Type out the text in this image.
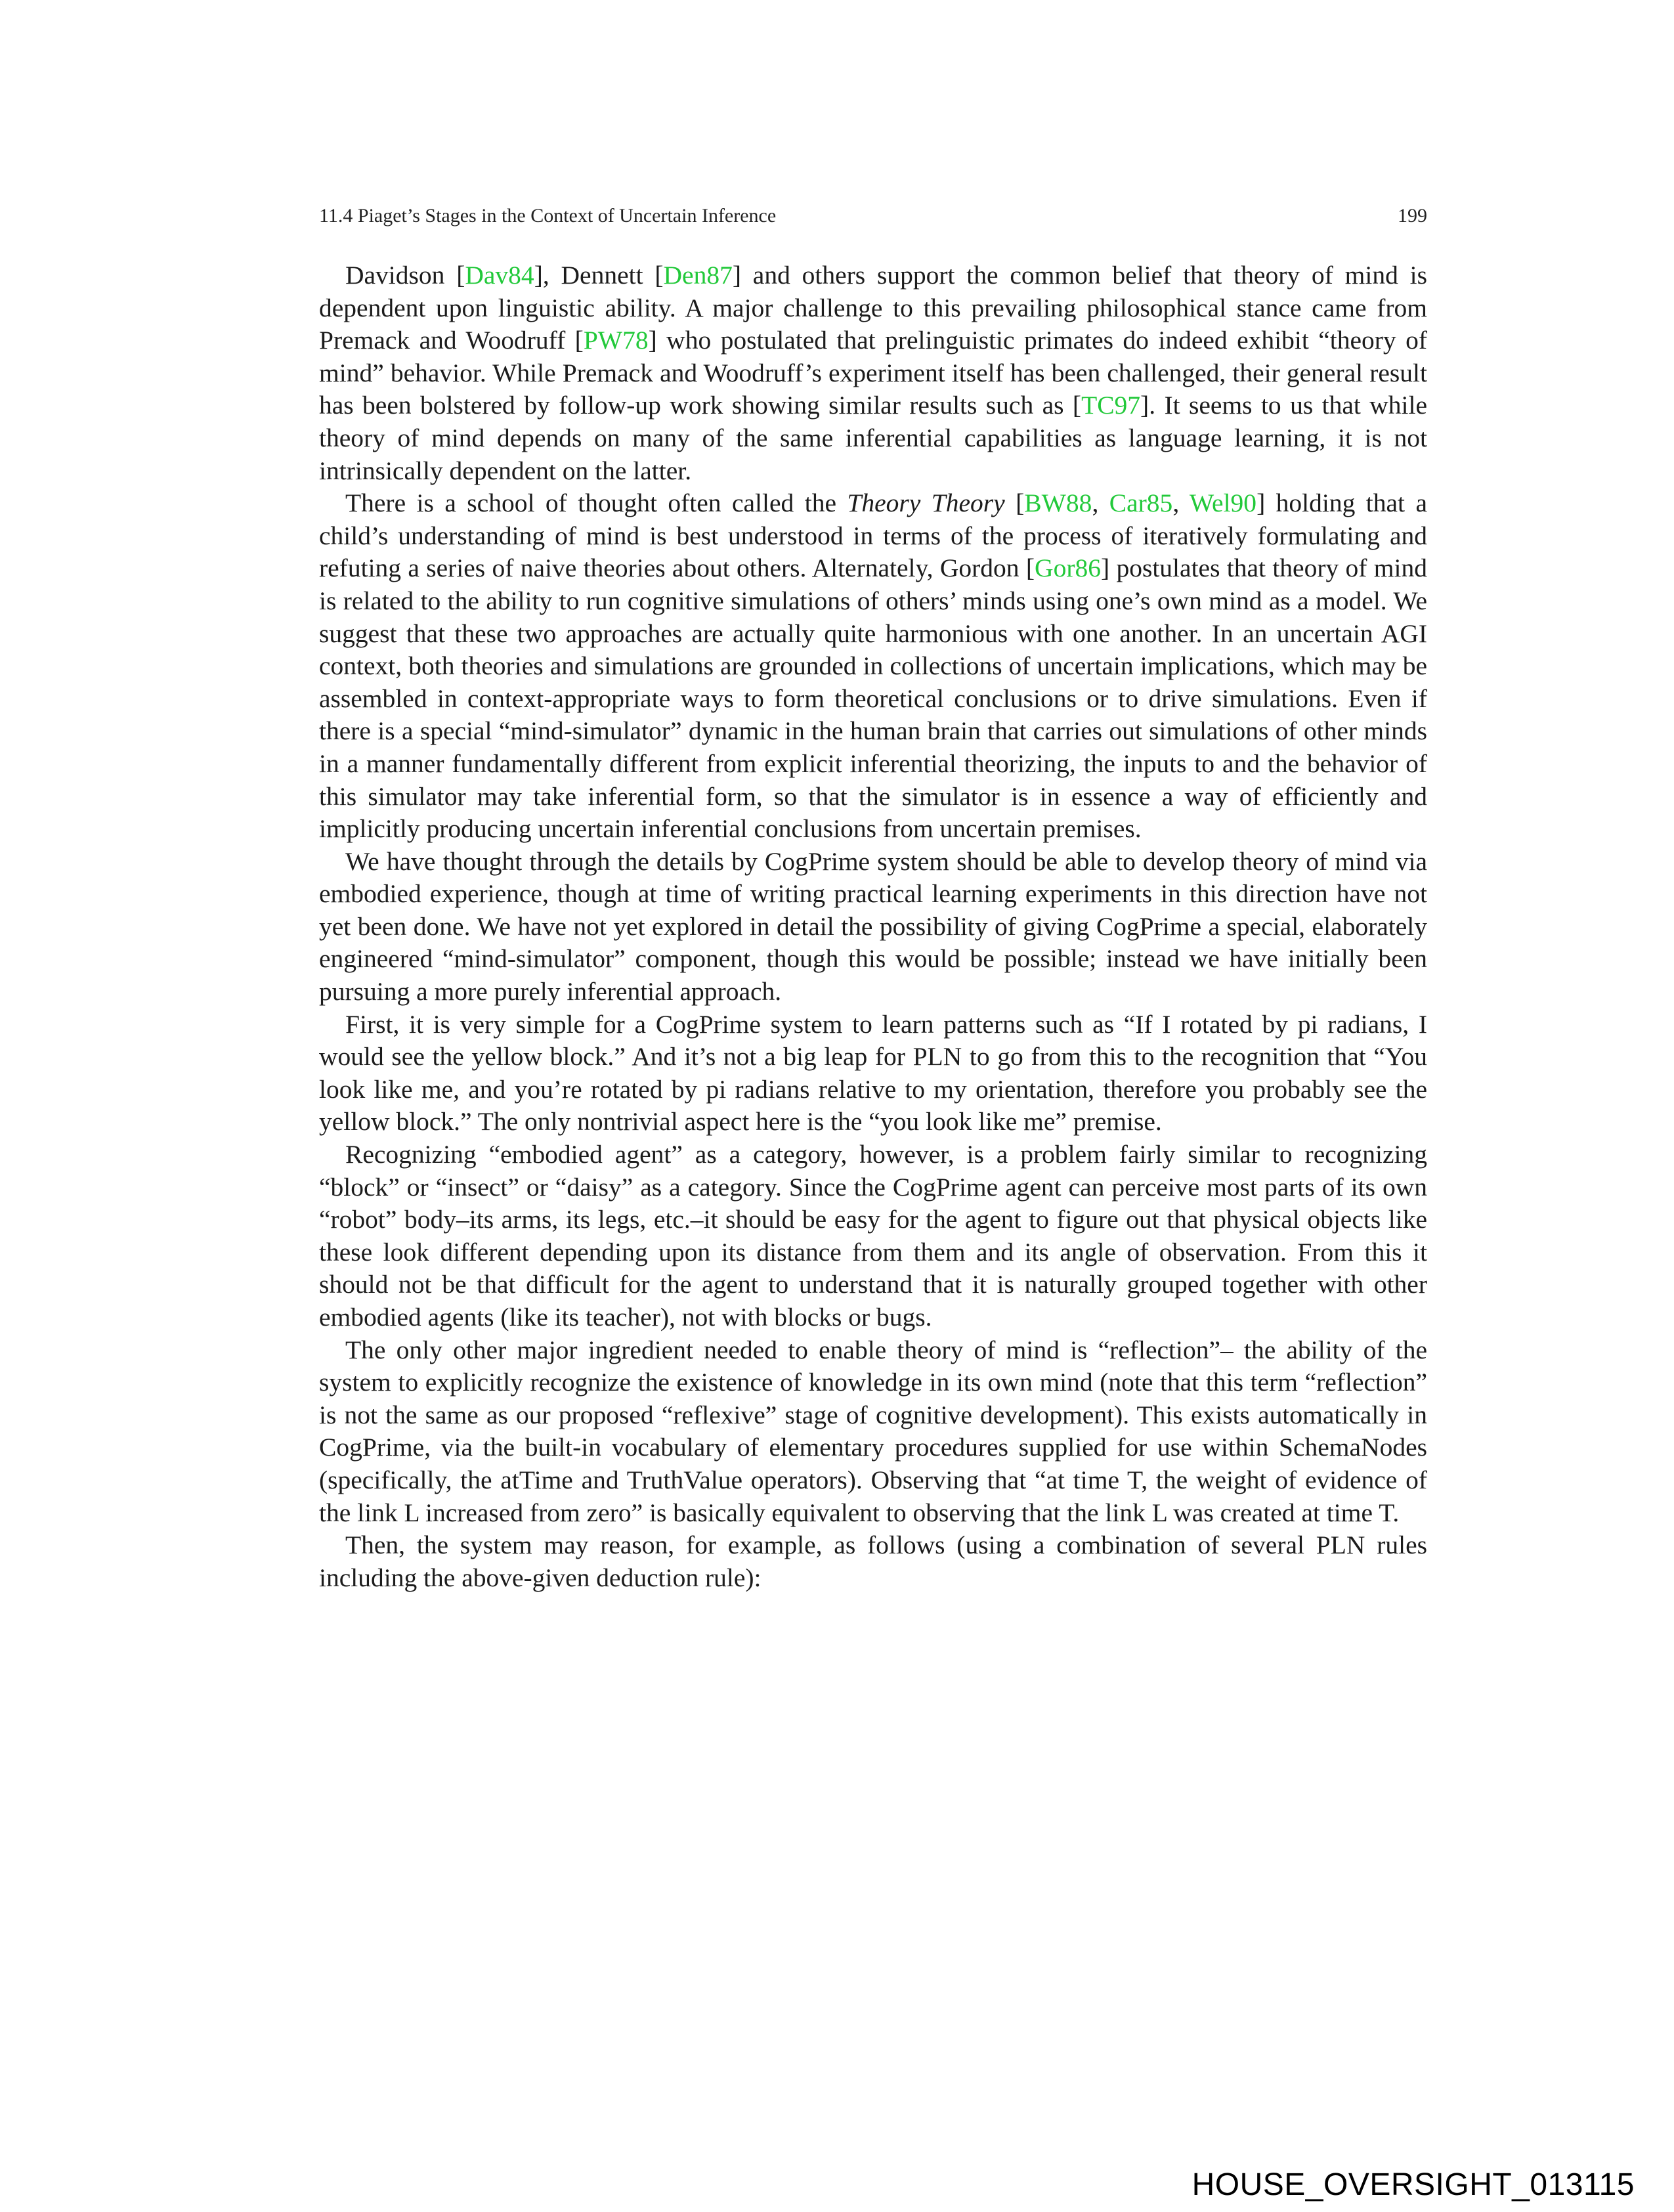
11.4 Piaget’s Stages in the Context of Uncertain Inference	199

Davidson [Dav84], Dennett [Den87] and others support the common belief that theory of mind is dependent upon linguistic ability. A major challenge to this prevailing philosophical stance came from Premack and Woodruff [PW78] who postulated that prelinguistic primates do indeed exhibit “theory of mind” behavior. While Premack and Woodruff’s experiment itself has been challenged, their general result has been bolstered by follow-up work showing similar results such as [TC97]. It seems to us that while theory of mind depends on many of the same inferential capabilities as language learning, it is not intrinsically dependent on the latter.

There is a school of thought often called the Theory Theory [BW88, Car85, Wel90] holding that a child’s understanding of mind is best understood in terms of the process of iteratively formulating and refuting a series of naive theories about others. Alternately, Gordon [Gor86] postulates that theory of mind is related to the ability to run cognitive simulations of others’ minds using one’s own mind as a model. We suggest that these two approaches are actually quite harmonious with one another. In an uncertain AGI context, both theories and simulations are grounded in collections of uncertain implications, which may be assembled in context-appropriate ways to form theoretical conclusions or to drive simulations. Even if there is a special “mind-simulator” dynamic in the human brain that carries out simulations of other minds in a manner fundamentally different from explicit inferential theorizing, the inputs to and the behavior of this simulator may take inferential form, so that the simulator is in essence a way of efficiently and implicitly producing uncertain inferential conclusions from uncertain premises.

We have thought through the details by CogPrime system should be able to develop theory of mind via embodied experience, though at time of writing practical learning experiments in this direction have not yet been done. We have not yet explored in detail the possibility of giving CogPrime a special, elaborately engineered “mind-simulator” component, though this would be possible; instead we have initially been pursuing a more purely inferential approach.

First, it is very simple for a CogPrime system to learn patterns such as “If I rotated by pi radians, I would see the yellow block.” And it’s not a big leap for PLN to go from this to the recognition that “You look like me, and you’re rotated by pi radians relative to my orientation, therefore you probably see the yellow block.” The only nontrivial aspect here is the “you look like me” premise.

Recognizing “embodied agent” as a category, however, is a problem fairly similar to recognizing “block” or “insect” or “daisy” as a category. Since the CogPrime agent can perceive most parts of its own “robot” body–its arms, its legs, etc.–it should be easy for the agent to figure out that physical objects like these look different depending upon its distance from them and its angle of observation. From this it should not be that difficult for the agent to understand that it is naturally grouped together with other embodied agents (like its teacher), not with blocks or bugs.

The only other major ingredient needed to enable theory of mind is “reflection”– the ability of the system to explicitly recognize the existence of knowledge in its own mind (note that this term “reflection” is not the same as our proposed “reflexive” stage of cognitive development). This exists automatically in CogPrime, via the built-in vocabulary of elementary procedures supplied for use within SchemaNodes (specifically, the atTime and TruthValue operators). Observing that “at time T, the weight of evidence of the link L increased from zero” is basically equivalent to observing that the link L was created at time T.

Then, the system may reason, for example, as follows (using a combination of several PLN rules including the above-given deduction rule):

HOUSE_OVERSIGHT_013115
